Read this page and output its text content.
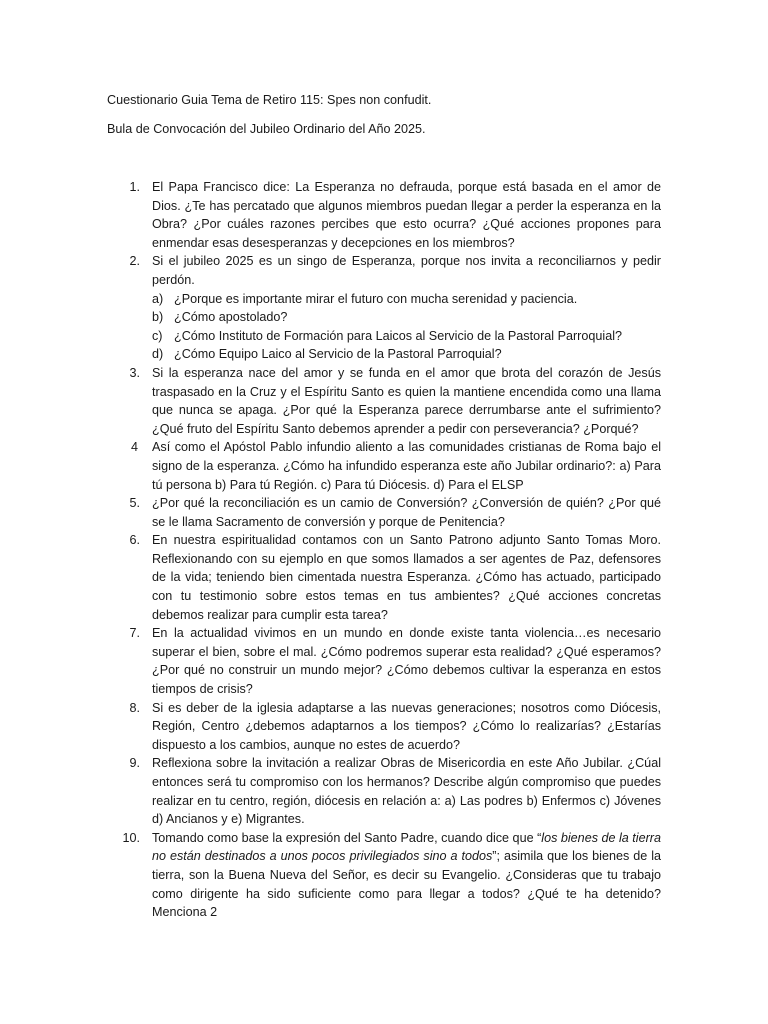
Cuestionario Guia Tema de Retiro 115: Spes non confudit.
Bula de Convocación del Jubileo Ordinario del Año 2025.
1. El Papa Francisco dice: La Esperanza no defrauda, porque está basada en el amor de Dios. ¿Te has percatado que algunos miembros puedan llegar a perder la esperanza en la Obra? ¿Por cuáles razones percibes que esto ocurra? ¿Qué acciones propones para enmendar esas desesperanzas y decepciones en los miembros?
2. Si el jubileo 2025 es un singo de Esperanza, porque nos invita a reconciliarnos y pedir perdón.
a) ¿Porque es importante mirar el futuro con mucha serenidad y paciencia.
b) ¿Cómo apostolado?
c) ¿Cómo Instituto de Formación para Laicos al Servicio de la Pastoral Parroquial?
d) ¿Cómo Equipo Laico al Servicio de la Pastoral Parroquial?
3. Si la esperanza nace del amor y se funda en el amor que brota del corazón de Jesús traspasado en la Cruz y el Espíritu Santo es quien la mantiene encendida como una llama que nunca se apaga. ¿Por qué la Esperanza parece derrumbarse ante el sufrimiento? ¿Qué fruto del Espíritu Santo debemos aprender a pedir con perseverancia? ¿Porqué?
4	Así como el Apóstol Pablo infundio aliento a las comunidades cristianas de Roma bajo el signo de la esperanza. ¿Cómo ha infundido esperanza este año Jubilar ordinario?: a) Para tú persona b) Para tú Región. c) Para tú Diócesis. d) Para el ELSP
5. ¿Por qué la reconciliación es un camio de Conversión? ¿Conversión de quién? ¿Por qué se le llama Sacramento de conversión y porque de Penitencia?
6. En nuestra espiritualidad contamos con un Santo Patrono adjunto Santo Tomas Moro. Reflexionando con su ejemplo en que somos llamados a ser agentes de Paz, defensores de la vida; teniendo bien cimentada nuestra Esperanza. ¿Cómo has actuado, participado con tu testimonio sobre estos temas en tus ambientes? ¿Qué acciones concretas debemos realizar para cumplir esta tarea?
7. En la actualidad vivimos en un mundo en donde existe tanta violencia…es necesario superar el bien, sobre el mal. ¿Cómo podremos superar esta realidad? ¿Qué esperamos? ¿Por qué no construir un mundo mejor? ¿Cómo debemos cultivar la esperanza en estos tiempos de crisis?
8. Si es deber de la iglesia adaptarse a las nuevas generaciones; nosotros como Diócesis, Región, Centro ¿debemos adaptarnos a los tiempos? ¿Cómo lo realizarías? ¿Estarías dispuesto a los cambios, aunque no estes de acuerdo?
9. Reflexiona sobre la invitación a realizar Obras de Misericordia en este Año Jubilar. ¿Cúal entonces será tu compromiso con los hermanos? Describe algún compromiso que puedes realizar en tu centro, región, diócesis en relación a: a) Las podres b) Enfermos c) Jóvenes d) Ancianos y e) Migrantes.
10. Tomando como base la expresión del Santo Padre, cuando dice que “los bienes de la tierra no están destinados a unos pocos privilegiados sino a todos”; asimila que los bienes de la tierra, son la Buena Nueva del Señor, es decir su Evangelio. ¿Consideras que tu trabajo como dirigente ha sido suficiente como para llegar a todos? ¿Qué te ha detenido? Menciona 2
